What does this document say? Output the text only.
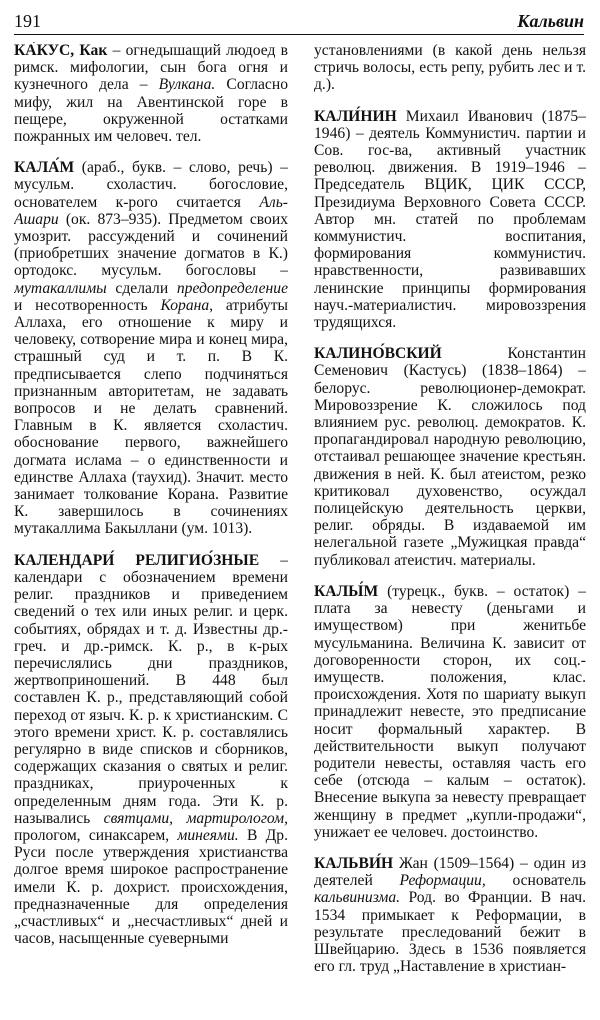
191	Кальвин

КА́КУС, Как – огнедышащий людоед в римск. мифологии, сын бога огня и кузнечного дела – Вулкана. Согласно мифу, жил на Авентинской горе в пещере, окруженной остатками пожранных им человеч. тел.

КАЛА́М (араб., букв. – слово, речь) – мусульм. схоластич. богословие, основателем к-рого считается Аль-Ашари (ок. 873–935). Предметом своих умозрит. рассуждений и сочинений (приобретших значение догматов в К.) ортодокс. мусульм. богословы – мутакаллимы сделали предопределение и несотворенность Корана, атрибуты Аллаха, его отношение к миру и человеку, сотворение мира и конец мира, страшный суд и т. п. В К. предписывается слепо подчиняться признанным авторитетам, не задавать вопросов и не делать сравнений. Главным в К. является схоластич. обоснование первого, важнейшего догмата ислама – о единственности и единстве Аллаха (таухид). Значит. место занимает толкование Корана. Развитие К. завершилось в сочинениях мутакаллима Бакыллани (ум. 1013).

КАЛЕНДАРИ́ РЕЛИГИО́ЗНЫЕ – календари с обозначением времени религ. праздников и приведением сведений о тех или иных религ. и церк. событиях, обрядах и т. д. Известны др.-греч. и др.-римск. К. р., в к-рых перечислялись дни праздников, жертвоприношений. В 448 был составлен К. р., представляющий собой переход от языч. К. р. к христианским. С этого времени христ. К. р. составлялись регулярно в виде списков и сборников, содержащих сказания о святых и религ. праздниках, приуроченных к определенным дням года. Эти К. р. назывались святцами, мартирологом, прологом, синаксарем, минеями. В Др. Руси после утверждения христианства долгое время широкое распространение имели К. р. дохрист. происхождения, предназначенные для определения „счастливых“ и „несчастливых“ дней и часов, насыщенные суеверными

установлениями (в какой день нельзя стричь волосы, есть репу, рубить лес и т. д.).

КАЛИ́НИН Михаил Иванович (1875–1946) – деятель Коммунистич. партии и Сов. гос-ва, активный участник революц. движения. В 1919–1946 – Председатель ВЦИК, ЦИК СССР, Президиума Верховного Совета СССР. Автор мн. статей по проблемам коммунистич. воспитания, формирования коммунистич. нравственности, развивавших ленинские принципы формирования науч.-материалистич. мировоззрения трудящихся.

КАЛИНО́ВСКИЙ Константин Семенович (Кастусь) (1838–1864) – белорус. революционер-демократ. Мировоззрение К. сложилось под влиянием рус. революц. демократов. К. пропагандировал народную революцию, отстаивал решающее значение крестьян. движения в ней. К. был атеистом, резко критиковал духовенство, осуждал полицейскую деятельность церкви, религ. обряды. В издаваемой им нелегальной газете „Мужицкая правда“ публиковал атеистич. материалы.

КАЛЫ́М (турецк., букв. – остаток) – плата за невесту (деньгами и имуществом) при женитьбе мусульманина. Величина К. зависит от договоренности сторон, их соц.-имуществ. положения, клас. происхождения. Хотя по шариату выкуп принадлежит невесте, это предписание носит формальный характер. В действительности выкуп получают родители невесты, оставляя часть его себе (отсюда – калым – остаток). Внесение выкупа за невесту превращает женщину в предмет „купли-продажи“, унижает ее человеч. достоинство.

КАЛЬВИ́Н Жан (1509–1564) – один из деятелей Реформации, основатель кальвинизма. Род. во Франции. В нач. 1534 примыкает к Реформации, в результате преследований бежит в Швейцарию. Здесь в 1536 появляется его гл. труд „Наставление в христиан-
